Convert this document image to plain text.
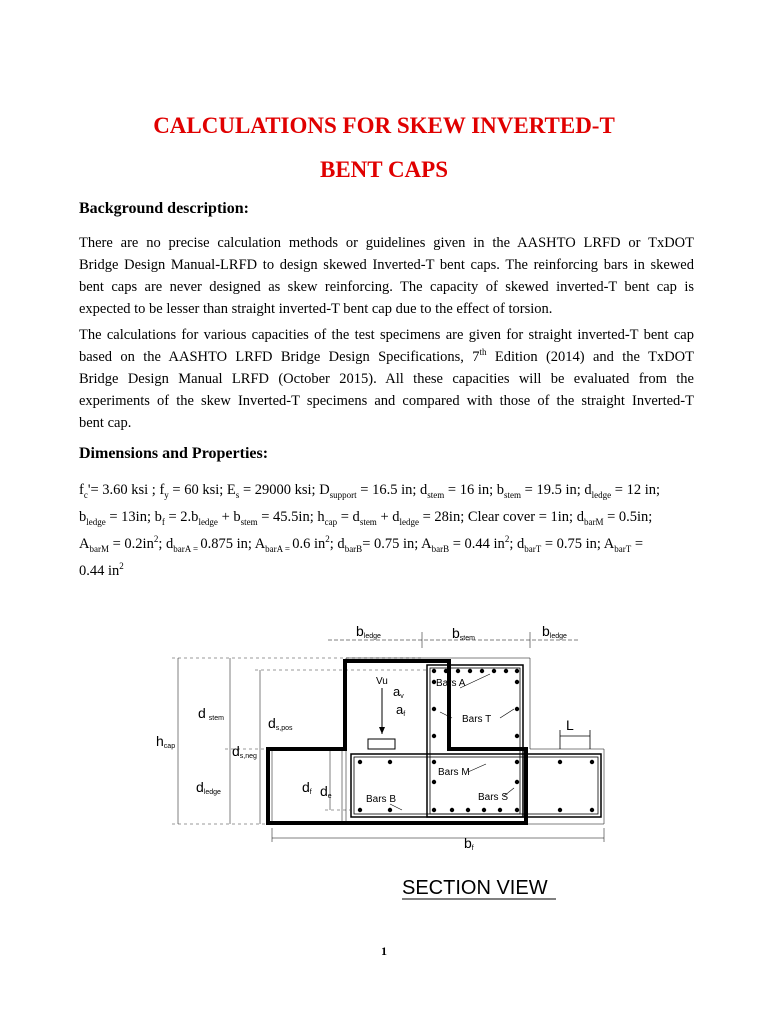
CALCULATIONS FOR SKEW INVERTED-T
BENT CAPS
Background description:

There are no precise calculation methods or guidelines given in the AASHTO LRFD or TxDOT
Bridge Design Manual-LRFD to design skewed Inverted-T bent caps. The reinforcing bars in skewed
bent caps are never designed as skew reinforcing. The capacity of skewed inverted-T bent cap is
expected to be lesser than straight inverted-T bent cap due to the effect of torsion.

The calculations for various capacities of the test specimens are given for straight inverted-T bent cap
based on the AASHTO LRFD Bridge Design Specifications, 7th Edition (2014) and the TxDOT
Bridge Design Manual LRFD (October 2015). All these capacities will be evaluated from the
experiments of the skew Inverted-T specimens and compared with those of the straight Inverted-T
bent cap.

Dimensions and Properties:

$f_c'= 3.60$ ksi ; $f_y = 60$ ksi; $E_s = 29000$ ksi; $D_{support} = 16.5$ in; $d_{stem} = 16$ in; $b_{stem} = 19.5$ in; $d_{ledge} = 12$ in;
$b_{ledge} = 13in$; $b_f = 2.b_{ledge} + b_{stem} = 45.5in$; $h_{cap} = d_{stem} + d_{ledge} = 28in$; Clear cover = 1in; $d_{barM} = 0.5in$;
$A_{barM} = 0.2in^2$; $d_{barA =}$ 0.875 in; $A_{barA =}$ 0.6 $in^2$; $d_{barB}= 0.75$ in; $A_{barB} = 0.44$ $in^2$; $d_{barT} = 0.75$ in; $A_{barT}$ =
0.44 $in^2$

bledge	bstem	bledge
Vu
av
af
dstem	ds,pos
hcap	ds,neg
dledge	df de
Bars A
Bars T
Bars M
Bars B	Bars S
L
bf
SECTION VIEW
1
